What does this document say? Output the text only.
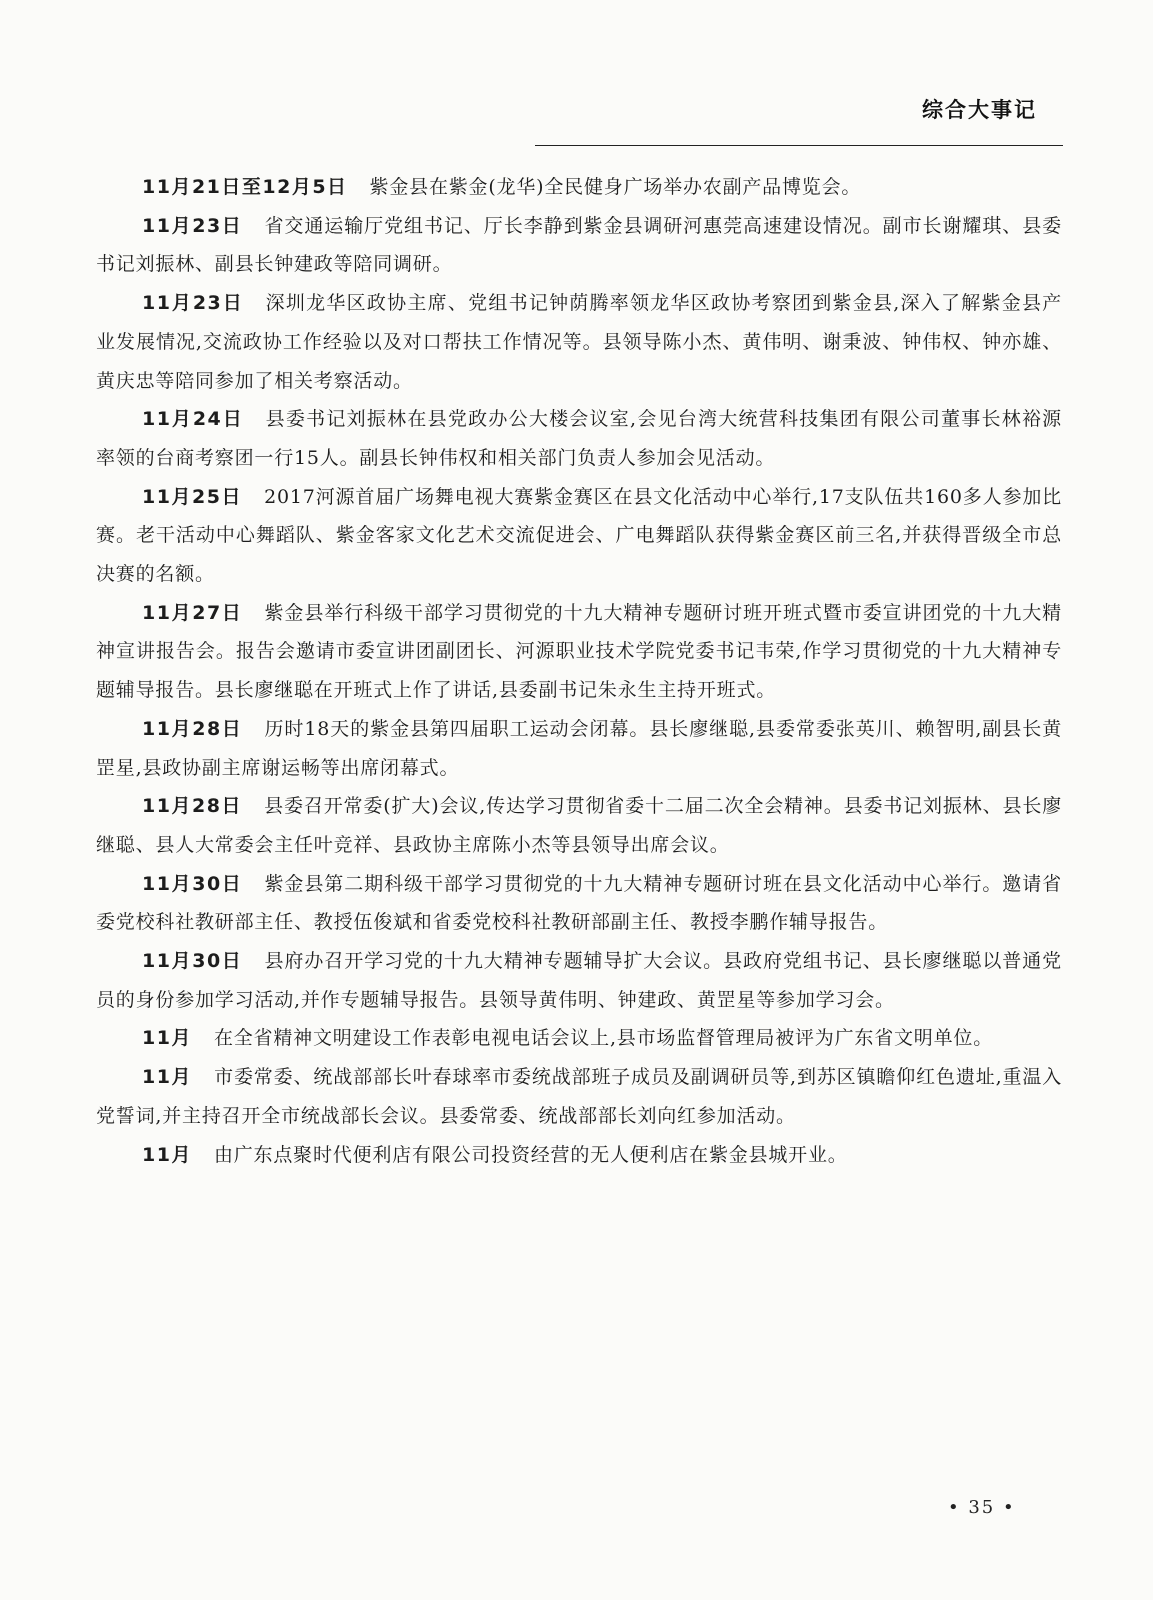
综合大事记

11月21日至12月5日 紫金县在紫金(龙华)全民健身广场举办农副产品博览会。

11月23日 省交通运输厅党组书记、厅长李静到紫金县调研河惠莞高速建设情况。副市长谢耀琪、县委书记刘振林、副县长钟建政等陪同调研。

11月23日 深圳龙华区政协主席、党组书记钟荫腾率领龙华区政协考察团到紫金县,深入了解紫金县产业发展情况,交流政协工作经验以及对口帮扶工作情况等。县领导陈小杰、黄伟明、谢秉波、钟伟权、钟亦雄、黄庆忠等陪同参加了相关考察活动。

11月24日 县委书记刘振林在县党政办公大楼会议室,会见台湾大统营科技集团有限公司董事长林裕源率领的台商考察团一行15人。副县长钟伟权和相关部门负责人参加会见活动。

11月25日 2017河源首届广场舞电视大赛紫金赛区在县文化活动中心举行,17支队伍共160多人参加比赛。老干活动中心舞蹈队、紫金客家文化艺术交流促进会、广电舞蹈队获得紫金赛区前三名,并获得晋级全市总决赛的名额。

11月27日 紫金县举行科级干部学习贯彻党的十九大精神专题研讨班开班式暨市委宣讲团党的十九大精神宣讲报告会。报告会邀请市委宣讲团副团长、河源职业技术学院党委书记韦荣,作学习贯彻党的十九大精神专题辅导报告。县长廖继聪在开班式上作了讲话,县委副书记朱永生主持开班式。

11月28日 历时18天的紫金县第四届职工运动会闭幕。县长廖继聪,县委常委张英川、赖智明,副县长黄罡星,县政协副主席谢运畅等出席闭幕式。

11月28日 县委召开常委(扩大)会议,传达学习贯彻省委十二届二次全会精神。县委书记刘振林、县长廖继聪、县人大常委会主任叶竞祥、县政协主席陈小杰等县领导出席会议。

11月30日 紫金县第二期科级干部学习贯彻党的十九大精神专题研讨班在县文化活动中心举行。邀请省委党校科社教研部主任、教授伍俊斌和省委党校科社教研部副主任、教授李鹏作辅导报告。

11月30日 县府办召开学习党的十九大精神专题辅导扩大会议。县政府党组书记、县长廖继聪以普通党员的身份参加学习活动,并作专题辅导报告。县领导黄伟明、钟建政、黄罡星等参加学习会。

11月 在全省精神文明建设工作表彰电视电话会议上,县市场监督管理局被评为广东省文明单位。

11月 市委常委、统战部部长叶春球率市委统战部班子成员及副调研员等,到苏区镇瞻仰红色遗址,重温入党誓词,并主持召开全市统战部长会议。县委常委、统战部部长刘向红参加活动。

11月 由广东点聚时代便利店有限公司投资经营的无人便利店在紫金县城开业。

• 35 •
